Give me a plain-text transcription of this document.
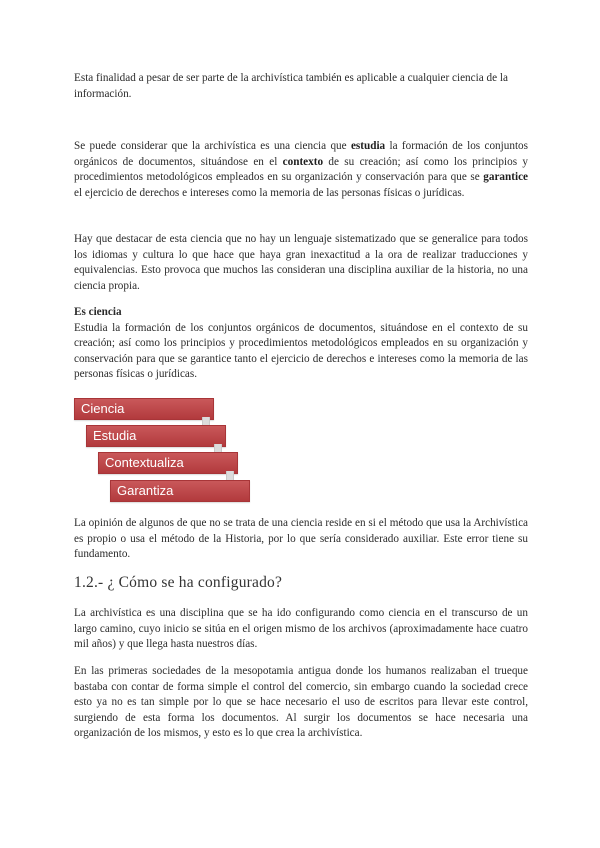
Esta finalidad a pesar de ser parte de la archivística también es aplicable a cualquier ciencia de la información.

Se puede considerar que la archivística es una ciencia que estudia la formación de los conjuntos orgánicos de documentos, situándose en el contexto de su creación; así como los principios y procedimientos metodológicos empleados en su organización y conservación para que se garantice el ejercicio de derechos e intereses como la memoria de las personas físicas o jurídicas.

Hay que destacar de esta ciencia que no hay un lenguaje sistematizado que se generalice para todos los idiomas y cultura lo que hace que haya gran inexactitud a la ora de realizar traducciones y equivalencias. Esto provoca que muchos las consideran una disciplina auxiliar de la historia, no una ciencia propia.

Es ciencia
Estudia la formación de los conjuntos orgánicos de documentos, situándose en el contexto de su creación; así como los principios y procedimientos metodológicos empleados en su organización y conservación para que se garantice tanto el ejercicio de derechos e intereses como la memoria de las personas físicas o jurídicas.

Ciencia
Estudia
Contextualiza
Garantiza

La opinión de algunos de que no se trata de una ciencia reside en si el método que usa la Archivística es propio o usa el método de la Historia, por lo que sería considerado auxiliar. Este error tiene su fundamento.

1.2.- ¿ Cómo se ha configurado?

La archivística es una disciplina que se ha ido configurando como ciencia en el transcurso de un largo camino, cuyo inicio se sitúa en el origen mismo de los archivos (aproximadamente hace cuatro mil años) y que llega hasta nuestros días.

En las primeras sociedades de la mesopotamia antigua donde los humanos realizaban el trueque bastaba con contar de forma simple el control del comercio, sin embargo cuando la sociedad crece esto ya no es tan simple por lo que se hace necesario el uso de escritos para llevar este control, surgiendo de esta forma los documentos. Al surgir los documentos se hace necesaria una organización de los mismos, y esto es lo que crea la archivística.
